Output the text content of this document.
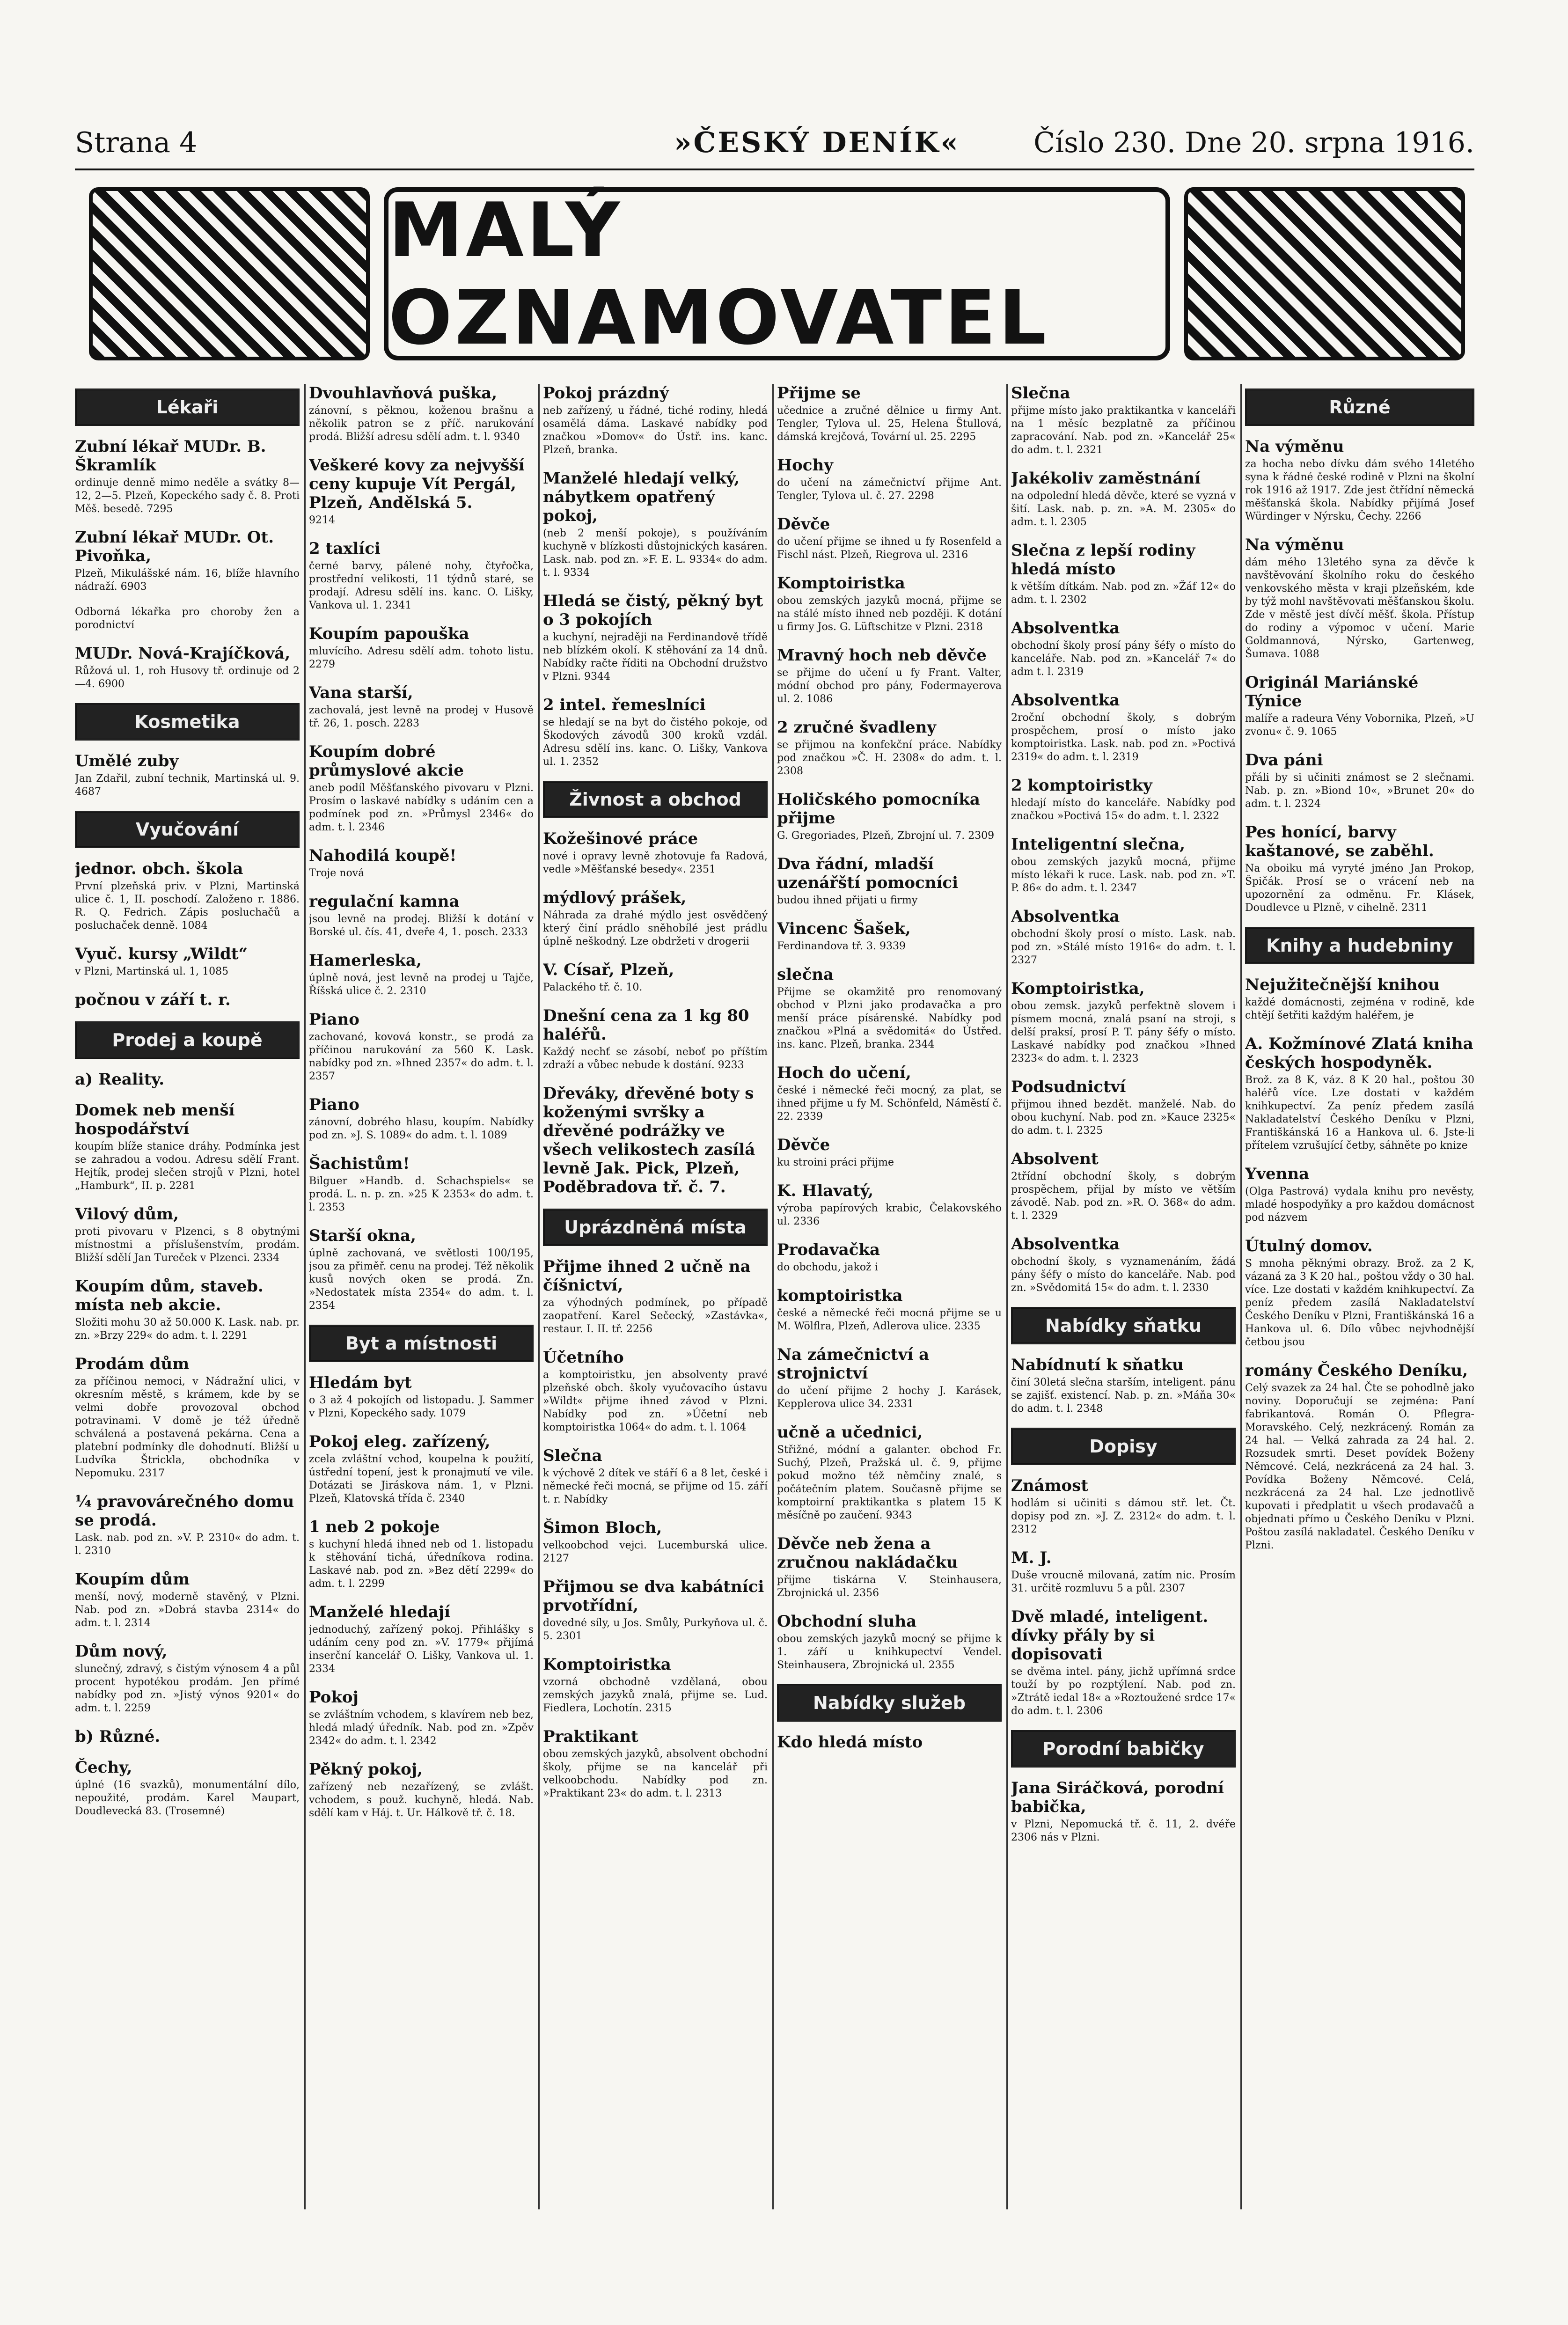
Strana 4	»ČESKÝ DENÍK«	Číslo 230. Dne 20. srpna 1916.
MALÝ OZNAMOVATEL
Lékaři
Zubní lékař MUDr. B. Škramlík
ordinuje denně mimo neděle a svátky 8—12, 2—5. Plzeň, Kopeckého sady č. 8. Proti Měš. besedě. 7295
Zubní lékař MUDr. Ot. Pivoňka,
Plzeň, Mikulášské nám. 16, blíže hlavního nádraží. 6903
Odborná lékařka pro choroby žen a porodnictví
MUDr. Nová-Krajíčková,
Růžová ul. 1, roh Husovy tř. ordinuje od 2—4. 6900
Kosmetika
Umělé zuby
Jan Zdařil, zubní technik, Martinská ul. 9. 4687
Vyučování
jednor. obch. škola
První plzeňská priv. v Plzni, Martinská ulice č. 1, II. poschodí. Založeno r. 1886. R. Q. Fedrich. Zápis posluchačů a posluchaček denně. 1084
Vyuč. kursy „Wildt“
v Plzni, Martinská ul. 1, 1085
počnou v září t. r.
Prodej a koupě
a) Reality.
Domek neb menší hospodářství
koupím blíže stanice dráhy. Podmínka jest se zahradou a vodou. Adresu sdělí Frant. Hejtík, prodej slečen strojů v Plzni, hotel „Hamburk“, II. p. 2281
Vilový dům,
proti pivovaru v Plzenci, s 8 obytnými místnostmi a příslušenstvím, prodám. Bližší sdělí Jan Tureček v Plzenci. 2334
Koupím dům, staveb. místa neb akcie.
Složiti mohu 30 až 50.000 K. Lask. nab. pr. zn. »Brzy 229« do adm. t. l. 2291
Prodám dům
za příčinou nemoci, v Nádražní ulici, v okresním městě, s krámem, kde by se velmi dobře provozoval obchod potravinami. V domě je též úředně schválená a postavená pekárna. Cena a platební podmínky dle dohodnutí. Bližší u Ludvíka Štrickla, obchodníka v Nepomuku. 2317
¼ pravovárečného domu se prodá.
Lask. nab. pod zn. »V. P. 2310« do adm. t. l. 2310
Koupím dům
menší, nový, moderně stavěný, v Plzni. Nab. pod zn. »Dobrá stavba 2314« do adm. t. l. 2314
Dům nový,
slunečný, zdravý, s čistým výnosem 4 a půl procent hypotékou prodám. Jen přímé nabídky pod zn. »Jistý výnos 9201« do adm. t. l. 2259
b) Různé.
Čechy,
úplné (16 svazků), monumentální dílo, nepoužité, prodám. Karel Maupart, Doudlevecká 83. (Trosemné)
Dvouhlavňová puška,
zánovní, s pěknou, koženou brašnu a několik patron se z příč. narukování prodá. Bližší adresu sdělí adm. t. l. 9340
Veškeré kovy za nejvyšší ceny kupuje Vít Pergál, Plzeň, Andělská 5.
9214
2 taxlíci
černé barvy, pálené nohy, čtyřočka, prostřední velikosti, 11 týdnů staré, se prodají. Adresu sdělí ins. kanc. O. Lišky, Vankova ul. 1. 2341
Koupím papouška
mluvícího. Adresu sdělí adm. tohoto listu. 2279
Vana starší,
zachovalá, jest levně na prodej v Husově tř. 26, 1. posch. 2283
Koupím dobré průmyslové akcie
aneb podíl Měšťanského pivovaru v Plzni. Prosím o laskavé nabídky s udáním cen a podmínek pod zn. »Průmysl 2346« do adm. t. l. 2346
Nahodilá koupě!
Troje nová
regulační kamna
jsou levně na prodej. Bližší k dotání v Borské ul. čís. 41, dveře 4, 1. posch. 2333
Hamerleska,
úplně nová, jest levně na prodej u Tajče, Říšská ulice č. 2. 2310
Piano
zachované, kovová konstr., se prodá za příčinou narukování za 560 K. Lask. nabídky pod zn. »Ihned 2357« do adm. t. l. 2357
Piano
zánovní, dobrého hlasu, koupím. Nabídky pod zn. »J. S. 1089« do adm. t. l. 1089
Šachistům!
Bilguer »Handb. d. Schachspiels« se prodá. L. n. p. zn. »25 K 2353« do adm. t. l. 2353
Starší okna,
úplně zachovaná, ve světlosti 100/195, jsou za přiměř. cenu na prodej. Též několik kusů nových oken se prodá. Zn. »Nedostatek místa 2354« do adm. t. l. 2354
Byt a místnosti
Hledám byt
o 3 až 4 pokojích od listopadu. J. Sammer v Plzni, Kopeckého sady. 1079
Pokoj eleg. zařízený,
zcela zvláštní vchod, koupelna k použití, ústřední topení, jest k pronajmutí ve vile. Dotázati se Jiráskova nám. 1, v Plzni. Plzeň, Klatovská třída č. 2340
1 neb 2 pokoje
s kuchyní hledá ihned neb od 1. listopadu k stěhování tichá, úředníkova rodina. Laskavé nab. pod zn. »Bez dětí 2299« do adm. t. l. 2299
Manželé hledají
jednoduchý, zařízený pokoj. Přihlášky s udáním ceny pod zn. »V. 1779« přijímá inserční kancelář O. Lišky, Vankova ul. 1. 2334
Pokoj
se zvláštním vchodem, s klavírem neb bez, hledá mladý úředník. Nab. pod zn. »Zpěv 2342« do adm. t. l. 2342
Pěkný pokoj,
zařízený neb nezařízený, se zvlášt. vchodem, s použ. kuchyně, hledá. Nab. sdělí kam v Háj. t. Ur. Hálkově tř. č. 18.
Pokoj prázdný
neb zařízený, u řádné, tiché rodiny, hledá osamělá dáma. Laskavé nabídky pod značkou »Domov« do Ústř. ins. kanc. Plzeň, branka.
Manželé hledají velký, nábytkem opatřený pokoj,
(neb 2 menší pokoje), s používáním kuchyně v blízkosti důstojnických kasáren. Lask. nab. pod zn. »F. E. L. 9334« do adm. t. l. 9334
Hledá se čistý, pěkný byt o 3 pokojích
a kuchyní, nejraději na Ferdinandově třídě neb blízkém okolí. K stěhování za 14 dnů. Nabídky račte říditi na Obchodní družstvo v Plzni. 9344
2 intel. řemeslníci
se hledají se na byt do čistého pokoje, od Škodových závodů 300 kroků vzdál. Adresu sdělí ins. kanc. O. Lišky, Vankova ul. 1. 2352
Živnost a obchod
Kožešinové práce
nové i opravy levně zhotovuje fa Radová, vedle »Měšťanské besedy«. 2351
mýdlový prášek,
Náhrada za drahé mýdlo jest osvědčený který činí prádlo sněhobílé jest prádlu úplně neškodný. Lze obdržeti v drogerii
V. Císař, Plzeň,
Palackého tř. č. 10.
Dnešní cena za 1 kg 80 haléřů.
Každý nechť se zásobí, neboť po příštím zdraží a vůbec nebude k dostání. 9233
Dřeváky, dřevěné boty s koženými svršky a dřevěné podrážky ve všech velikostech zasílá levně Jak. Pick, Plzeň, Poděbradova tř. č. 7.
Uprázdněná místa
Přijme ihned 2 učně na číšnictví,
za výhodných podmínek, po případě zaopatření. Karel Sečecký, »Zastávka«, restaur. I. II. tř. 2256
Účetního
a komptoiristku, jen absolventy pravé plzeňské obch. školy vyučovacího ústavu »Wildt« přijme ihned závod v Plzni. Nabídky pod zn. »Účetní neb komptoiristka 1064« do adm. t. l. 1064
Slečna
k výchově 2 dítek ve stáří 6 a 8 let, české i německé řeči mocná, se přijme od 15. září t. r. Nabídky
Šimon Bloch,
velkoobchod vejci. Lucemburská ulice. 2127
Přijmou se dva kabátníci prvotřídní,
dovedné síly, u Jos. Smůly, Purkyňova ul. č. 5. 2301
Komptoiristka
vzorná obchodně vzdělaná, obou zemských jazyků znalá, přijme se. Lud. Fiedlera, Lochotín. 2315
Praktikant
obou zemských jazyků, absolvent obchodní školy, přijme se na kancelář při velkoobchodu. Nabídky pod zn. »Praktikant 23« do adm. t. l. 2313
Přijme se
učednice a zručné dělnice u firmy Ant. Tengler, Tylova ul. 25, Helena Štullová, dámská krejčová, Tovární ul. 25. 2295
Hochy
do učení na zámečnictví přijme Ant. Tengler, Tylova ul. č. 27. 2298
Děvče
do učení přijme se ihned u fy Rosenfeld a Fischl nást. Plzeň, Riegrova ul. 2316
Komptoiristka
obou zemských jazyků mocná, přijme se na stálé místo ihned neb později. K dotání u firmy Jos. G. Lüftschitze v Plzni. 2318
Mravný hoch neb děvče
se přijme do učení u fy Frant. Valter, módní obchod pro pány, Fodermayerova ul. 2. 1086
2 zručné švadleny
se přijmou na konfekční práce. Nabídky pod značkou »Č. H. 2308« do adm. t. l. 2308
Holičského pomocníka přijme
G. Gregoriades, Plzeň, Zbrojní ul. 7. 2309
Dva řádní, mladší uzenářští pomocníci
budou ihned přijati u firmy
Vincenc Šašek,
Ferdinandova tř. 3. 9339
slečna
Přijme se okamžitě pro renomovaný obchod v Plzni jako prodavačka a pro menší práce písárenské. Nabídky pod značkou »Plná a svědomitá« do Ústřed. ins. kanc. Plzeň, branka. 2344
Hoch do učení,
české i německé řeči mocný, za plat, se ihned přijme u fy M. Schönfeld, Náměstí č. 22. 2339
Děvče
ku stroini práci přijme
K. Hlavatý,
výroba papírových krabic, Čelakovského ul. 2336
Prodavačka
do obchodu, jakož i
komptoiristka
české a německé řeči mocná přijme se u M. Wölflra, Plzeň, Adlerova ulice. 2335
Na zámečnictví a strojnictví
do učení přijme 2 hochy J. Karásek, Kepplerova ulice 34. 2331
učně a učednici,
Střižné, módní a galanter. obchod Fr. Suchý, Plzeň, Pražská ul. č. 9, přijme pokud možno též němčiny znalé, s počátečním platem. Současně přijme se komptoirní praktikantka s platem 15 K měsíčně po zaučení. 9343
Děvče neb žena a zručnou nakládačku
přijme tiskárna V. Steinhausera, Zbrojnická ul. 2356
Obchodní sluha
obou zemských jazyků mocný se přijme k 1. září u knihkupectví Vendel. Steinhausera, Zbrojnická ul. 2355
Nabídky služeb
Kdo hledá místo
Slečna
přijme místo jako praktikantka v kanceláři na 1 měsíc bezplatně za příčinou zapracování. Nab. pod zn. »Kancelář 25« do adm. t. l. 2321
Jakékoliv zaměstnání
na odpolední hledá děvče, které se vyzná v šití. Lask. nab. p. zn. »A. M. 2305« do adm. t. l. 2305
Slečna z lepší rodiny hledá místo
k větším dítkám. Nab. pod zn. »Žáf 12« do adm. t. l. 2302
Absolventka
obchodní školy prosí pány šéfy o místo do kanceláře. Nab. pod zn. »Kancelář 7« do adm t. l. 2319
Absolventka
2roční obchodní školy, s dobrým prospěchem, prosí o místo jako komptoiristka. Lask. nab. pod zn. »Poctivá 2319« do adm. t. l. 2319
2 komptoiristky
hledají místo do kanceláře. Nabídky pod značkou »Poctivá 15« do adm. t. l. 2322
Inteligentní slečna,
obou zemských jazyků mocná, přijme místo lékaři k ruce. Lask. nab. pod zn. »T. P. 86« do adm. t. l. 2347
Absolventka
obchodní školy prosí o místo. Lask. nab. pod zn. »Stálé místo 1916« do adm. t. l. 2327
Komptoiristka,
obou zemsk. jazyků perfektně slovem i písmem mocná, znalá psaní na stroji, s delší praksí, prosí P. T. pány šéfy o místo. Laskavé nabídky pod značkou »Ihned 2323« do adm. t. l. 2323
Podsudnictví
přijmou ihned bezdět. manželé. Nab. do obou kuchyní. Nab. pod zn. »Kauce 2325« do adm. t. l. 2325
Absolvent
2třídní obchodní školy, s dobrým prospěchem, přijal by místo ve větším závodě. Nab. pod zn. »R. O. 368« do adm. t. l. 2329
Absolventka
obchodní školy, s vyznamenáním, žádá pány šéfy o místo do kanceláře. Nab. pod zn. »Svědomitá 15« do adm. t. l. 2330
Nabídky sňatku
Nabídnutí k sňatku
činí 30letá slečna starším, inteligent. pánu se zajišť. existencí. Nab. p. zn. »Máňa 30« do adm. t. l. 2348
Dopisy
Známost
hodlám si učiniti s dámou stř. let. Čt. dopisy pod zn. »J. Z. 2312« do adm. t. l. 2312
M. J.
Duše vroucně milovaná, zatím nic. Prosím 31. určitě rozmluvu 5 a půl. 2307
Dvě mladé, inteligent. dívky přály by si dopisovati
se dvěma intel. pány, jichž upřímná srdce touží by po rozptýlení. Nab. pod zn. »Ztrátě iedal 18« a »Roztoužené srdce 17« do adm. t. l. 2306
Porodní babičky
Jana Siráčková, porodní babička,
v Plzni, Nepomucká tř. č. 11, 2. dvéře 2306 nás v Plzni.
Různé
Na výměnu
za hocha nebo dívku dám svého 14letého syna k řádné české rodině v Plzni na školní rok 1916 až 1917. Zde jest čtřídní německá měšťanská škola. Nabídky přijímá Josef Würdinger v Nýrsku, Čechy. 2266
Na výměnu
dám mého 13letého syna za děvče k navštěvování školního roku do českého venkovského města v kraji plzeňském, kde by týž mohl navštěvovati měšťanskou školu. Zde v městě jest dívčí měšť. škola. Přístup do rodiny a výpomoc v učení. Marie Goldmannová, Nýrsko, Gartenweg, Šumava. 1088
Originál Mariánské Týnice
malíře a radeura Vény Vobornika, Plzeň, »U zvonu« č. 9. 1065
Dva páni
přáli by si učiniti známost se 2 slečnami. Nab. p. zn. »Biond 10«, »Brunet 20« do adm. t. l. 2324
Pes honící, barvy kaštanové, se zaběhl.
Na oboiku má vyryté jméno Jan Prokop, Špičák. Prosí se o vrácení neb na upozornění za odměnu. Fr. Klásek, Doudlevce u Plzně, v cihelně. 2311
Knihy a hudebniny
Nejužitečnější knihou
každé domácnosti, zejména v rodině, kde chtějí šetřiti každým haléřem, je
A. Kožmínové Zlatá kniha českých hospodyněk.
Brož. za 8 K, váz. 8 K 20 hal., poštou 30 haléřů více. Lze dostati v každém knihkupectví. Za peníz předem zasílá Nakladatelství Českého Deníku v Plzni, Františkánská 16 a Hankova ul. 6. Jste-li přítelem vzrušující četby, sáhněte po knize
Yvenna
(Olga Pastrová) vydala knihu pro nevěsty, mladé hospodyňky a pro každou domácnost pod názvem
Útulný domov.
S mnoha pěknými obrazy. Brož. za 2 K, vázaná za 3 K 20 hal., poštou vždy o 30 hal. více. Lze dostati v každém knihkupectví. Za peníz předem zasílá Nakladatelství Českého Deníku v Plzni, Františkánská 16 a Hankova ul. 6. Dílo vůbec nejvhodnější četbou jsou
romány Českého Deníku,
Celý svazek za 24 hal. Čte se pohodlně jako noviny. Doporučují se zejména: Paní fabrikantová. Román O. Pflegra-Moravského. Celý, nezkrácený. Román za 24 hal. — Velká zahrada za 24 hal. 2. Rozsudek smrti. Deset povídek Boženy Němcové. Celá, nezkrácená za 24 hal. 3. Povídka Boženy Němcové. Celá, nezkrácená za 24 hal. Lze jednotlivě kupovati i předplatit u všech prodavačů a objednati přímo u Českého Deníku v Plzni. Poštou zasílá nakladatel. Českého Deníku v Plzni.
